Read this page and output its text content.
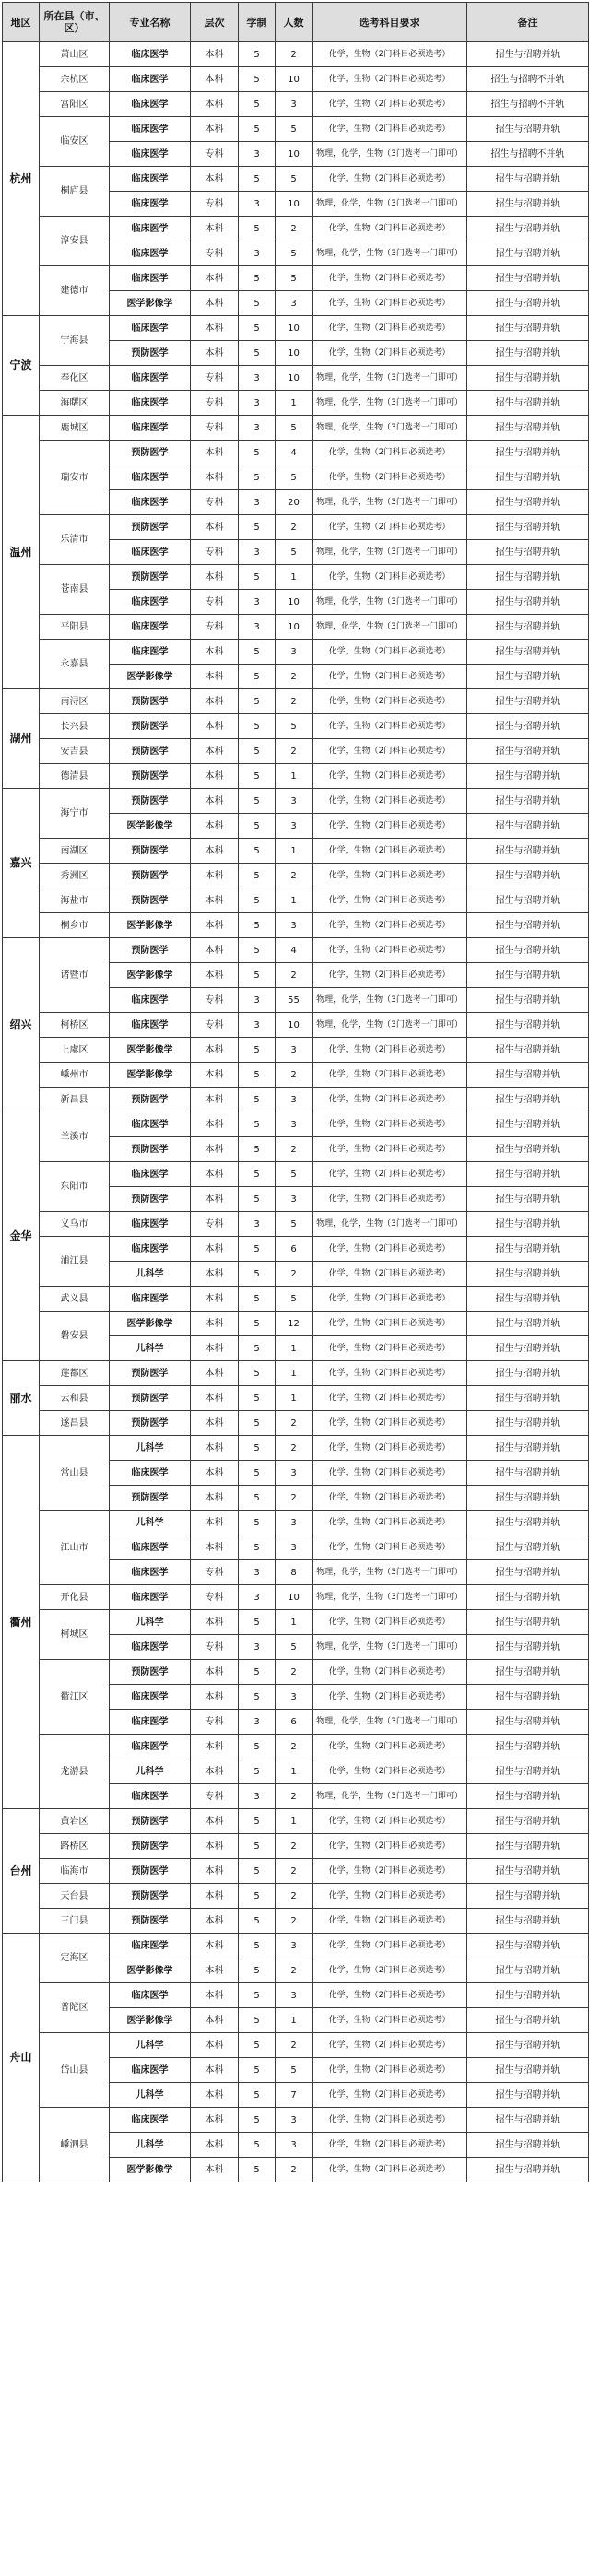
地区	所在县（市、区）	专业名称	层次	学制	人数	选考科目要求	备注
杭州	萧山区	临床医学	本科	5	2	化学，生物（2门科目必须选考）	招生与招聘并轨
	余杭区	临床医学	本科	5	10	化学，生物（2门科目必须选考）	招生与招聘不并轨
	富阳区	临床医学	本科	5	3	化学，生物（2门科目必须选考）	招生与招聘不并轨
	临安区	临床医学	本科	5	5	化学，生物（2门科目必须选考）	招生与招聘并轨
		临床医学	专科	3	10	物理，化学，生物（3门选考一门即可）	招生与招聘不并轨
	桐庐县	临床医学	本科	5	5	化学，生物（2门科目必须选考）	招生与招聘并轨
		临床医学	专科	3	10	物理，化学，生物（3门选考一门即可）	招生与招聘并轨
	淳安县	临床医学	本科	5	2	化学，生物（2门科目必须选考）	招生与招聘并轨
		临床医学	专科	3	5	物理，化学，生物（3门选考一门即可）	招生与招聘并轨
	建德市	临床医学	本科	5	5	化学，生物（2门科目必须选考）	招生与招聘并轨
		医学影像学	本科	5	3	化学，生物（2门科目必须选考）	招生与招聘并轨
宁波	宁海县	临床医学	本科	5	10	化学，生物（2门科目必须选考）	招生与招聘并轨
		预防医学	本科	5	10	化学，生物（2门科目必须选考）	招生与招聘并轨
	奉化区	临床医学	专科	3	10	物理，化学，生物（3门选考一门即可）	招生与招聘并轨
	海曙区	临床医学	专科	3	1	物理，化学，生物（3门选考一门即可）	招生与招聘并轨
温州	鹿城区	临床医学	专科	3	5	物理，化学，生物（3门选考一门即可）	招生与招聘并轨
	瑞安市	预防医学	本科	5	4	化学，生物（2门科目必须选考）	招生与招聘并轨
		临床医学	本科	5	5	化学，生物（2门科目必须选考）	招生与招聘并轨
		临床医学	专科	3	20	物理，化学，生物（3门选考一门即可）	招生与招聘并轨
	乐清市	预防医学	本科	5	2	化学，生物（2门科目必须选考）	招生与招聘并轨
		临床医学	专科	3	5	物理，化学，生物（3门选考一门即可）	招生与招聘并轨
	苍南县	预防医学	本科	5	1	化学，生物（2门科目必须选考）	招生与招聘并轨
		临床医学	专科	3	10	物理，化学，生物（3门选考一门即可）	招生与招聘并轨
	平阳县	临床医学	专科	3	10	物理，化学，生物（3门选考一门即可）	招生与招聘并轨
	永嘉县	临床医学	本科	5	3	化学，生物（2门科目必须选考）	招生与招聘并轨
		医学影像学	本科	5	2	化学，生物（2门科目必须选考）	招生与招聘并轨
湖州	南浔区	预防医学	本科	5	2	化学，生物（2门科目必须选考）	招生与招聘并轨
	长兴县	预防医学	本科	5	5	化学，生物（2门科目必须选考）	招生与招聘并轨
	安吉县	预防医学	本科	5	2	化学，生物（2门科目必须选考）	招生与招聘并轨
	德清县	预防医学	本科	5	1	化学，生物（2门科目必须选考）	招生与招聘并轨
嘉兴	海宁市	预防医学	本科	5	3	化学，生物（2门科目必须选考）	招生与招聘并轨
		医学影像学	本科	5	3	化学，生物（2门科目必须选考）	招生与招聘并轨
	南湖区	预防医学	本科	5	1	化学，生物（2门科目必须选考）	招生与招聘并轨
	秀洲区	预防医学	本科	5	2	化学，生物（2门科目必须选考）	招生与招聘并轨
	海盐市	预防医学	本科	5	1	化学，生物（2门科目必须选考）	招生与招聘并轨
	桐乡市	医学影像学	本科	5	3	化学，生物（2门科目必须选考）	招生与招聘并轨
绍兴	诸暨市	预防医学	本科	5	4	化学，生物（2门科目必须选考）	招生与招聘并轨
		医学影像学	本科	5	2	化学，生物（2门科目必须选考）	招生与招聘并轨
		临床医学	专科	3	55	物理，化学，生物（3门选考一门即可）	招生与招聘并轨
	柯桥区	临床医学	专科	3	10	物理，化学，生物（3门选考一门即可）	招生与招聘并轨
	上虞区	医学影像学	本科	5	3	化学，生物（2门科目必须选考）	招生与招聘并轨
	嵊州市	医学影像学	本科	5	2	化学，生物（2门科目必须选考）	招生与招聘并轨
	新昌县	预防医学	本科	5	3	化学，生物（2门科目必须选考）	招生与招聘并轨
金华	兰溪市	临床医学	本科	5	3	化学，生物（2门科目必须选考）	招生与招聘并轨
		预防医学	本科	5	2	化学，生物（2门科目必须选考）	招生与招聘并轨
	东阳市	临床医学	本科	5	5	化学，生物（2门科目必须选考）	招生与招聘并轨
		预防医学	本科	5	3	化学，生物（2门科目必须选考）	招生与招聘并轨
	义乌市	临床医学	专科	3	5	物理，化学，生物（3门选考一门即可）	招生与招聘并轨
	浦江县	临床医学	本科	5	6	化学，生物（2门科目必须选考）	招生与招聘并轨
		儿科学	本科	5	2	化学，生物（2门科目必须选考）	招生与招聘并轨
	武义县	临床医学	本科	5	5	化学，生物（2门科目必须选考）	招生与招聘并轨
	磐安县	医学影像学	本科	5	12	化学，生物（2门科目必须选考）	招生与招聘并轨
		儿科学	本科	5	1	化学，生物（2门科目必须选考）	招生与招聘并轨
丽水	莲都区	预防医学	本科	5	1	化学，生物（2门科目必须选考）	招生与招聘并轨
	云和县	预防医学	本科	5	1	化学，生物（2门科目必须选考）	招生与招聘并轨
	遂昌县	预防医学	本科	5	2	化学，生物（2门科目必须选考）	招生与招聘并轨
衢州	常山县	儿科学	本科	5	2	化学，生物（2门科目必须选考）	招生与招聘并轨
		临床医学	本科	5	3	化学，生物（2门科目必须选考）	招生与招聘并轨
		预防医学	本科	5	2	化学，生物（2门科目必须选考）	招生与招聘并轨
	江山市	儿科学	本科	5	3	化学，生物（2门科目必须选考）	招生与招聘并轨
		临床医学	本科	5	3	化学，生物（2门科目必须选考）	招生与招聘并轨
		临床医学	专科	3	8	物理，化学，生物（3门选考一门即可）	招生与招聘并轨
	开化县	临床医学	专科	3	10	物理，化学，生物（3门选考一门即可）	招生与招聘并轨
	柯城区	儿科学	本科	5	1	化学，生物（2门科目必须选考）	招生与招聘并轨
		临床医学	专科	3	5	物理，化学，生物（3门选考一门即可）	招生与招聘并轨
	衢江区	预防医学	本科	5	2	化学，生物（2门科目必须选考）	招生与招聘并轨
		临床医学	本科	5	3	化学，生物（2门科目必须选考）	招生与招聘并轨
		临床医学	专科	3	6	物理，化学，生物（3门选考一门即可）	招生与招聘并轨
	龙游县	临床医学	本科	5	2	化学，生物（2门科目必须选考）	招生与招聘并轨
		儿科学	本科	5	1	化学，生物（2门科目必须选考）	招生与招聘并轨
		临床医学	专科	3	2	物理，化学，生物（3门选考一门即可）	招生与招聘并轨
台州	黄岩区	预防医学	本科	5	1	化学，生物（2门科目必须选考）	招生与招聘并轨
	路桥区	预防医学	本科	5	2	化学，生物（2门科目必须选考）	招生与招聘并轨
	临海市	预防医学	本科	5	2	化学，生物（2门科目必须选考）	招生与招聘并轨
	天台县	预防医学	本科	5	2	化学，生物（2门科目必须选考）	招生与招聘并轨
	三门县	预防医学	本科	5	2	化学，生物（2门科目必须选考）	招生与招聘并轨
舟山	定海区	临床医学	本科	5	3	化学，生物（2门科目必须选考）	招生与招聘并轨
		医学影像学	本科	5	2	化学，生物（2门科目必须选考）	招生与招聘并轨
	普陀区	临床医学	本科	5	3	化学，生物（2门科目必须选考）	招生与招聘并轨
		医学影像学	本科	5	1	化学，生物（2门科目必须选考）	招生与招聘并轨
	岱山县	儿科学	本科	5	2	化学，生物（2门科目必须选考）	招生与招聘并轨
		临床医学	本科	5	5	化学，生物（2门科目必须选考）	招生与招聘并轨
		儿科学	本科	5	7	化学，生物（2门科目必须选考）	招生与招聘并轨
	嵊泗县	临床医学	本科	5	3	化学，生物（2门科目必须选考）	招生与招聘并轨
		儿科学	本科	5	3	化学，生物（2门科目必须选考）	招生与招聘并轨
		医学影像学	本科	5	2	化学，生物（2门科目必须选考）	招生与招聘并轨
